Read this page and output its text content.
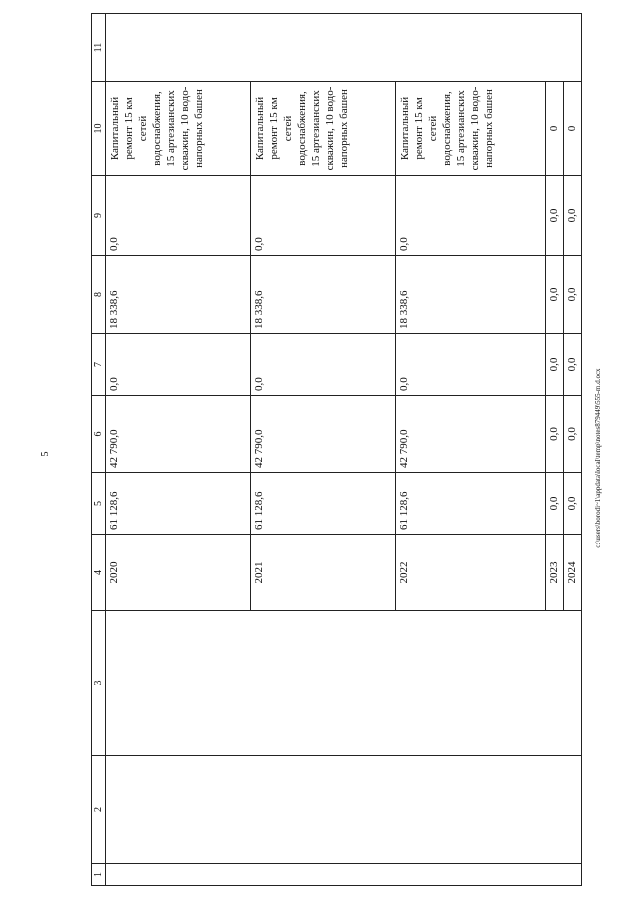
5	c:\users\borodi~1\appdata\local\temp\notes879449\555-m.d.ocx
1	2	3	4	5	6	7	8	9	10	11
			2020	61 128,6	42 790,0	0,0	18 338,6	0,0	Капитальный ремонт 15 км сетей водоснабжения, 15 артезианских скважин, 10 водо- напорных башен	
			2021	61 128,6	42 790,0	0,0	18 338,6	0,0	Капитальный ремонт 15 км сетей водоснабжения, 15 артезианских скважин, 10 водо- напорных башен	
			2022	61 128,6	42 790,0	0,0	18 338,6	0,0	Капитальный ремонт 15 км сетей водоснабжения, 15 артезианских скважин, 10 водо- напорных башен	
			2023	0,0	0,0	0,0	0,0	0,0	0	
			2024	0,0	0,0	0,0	0,0	0,0	0	
